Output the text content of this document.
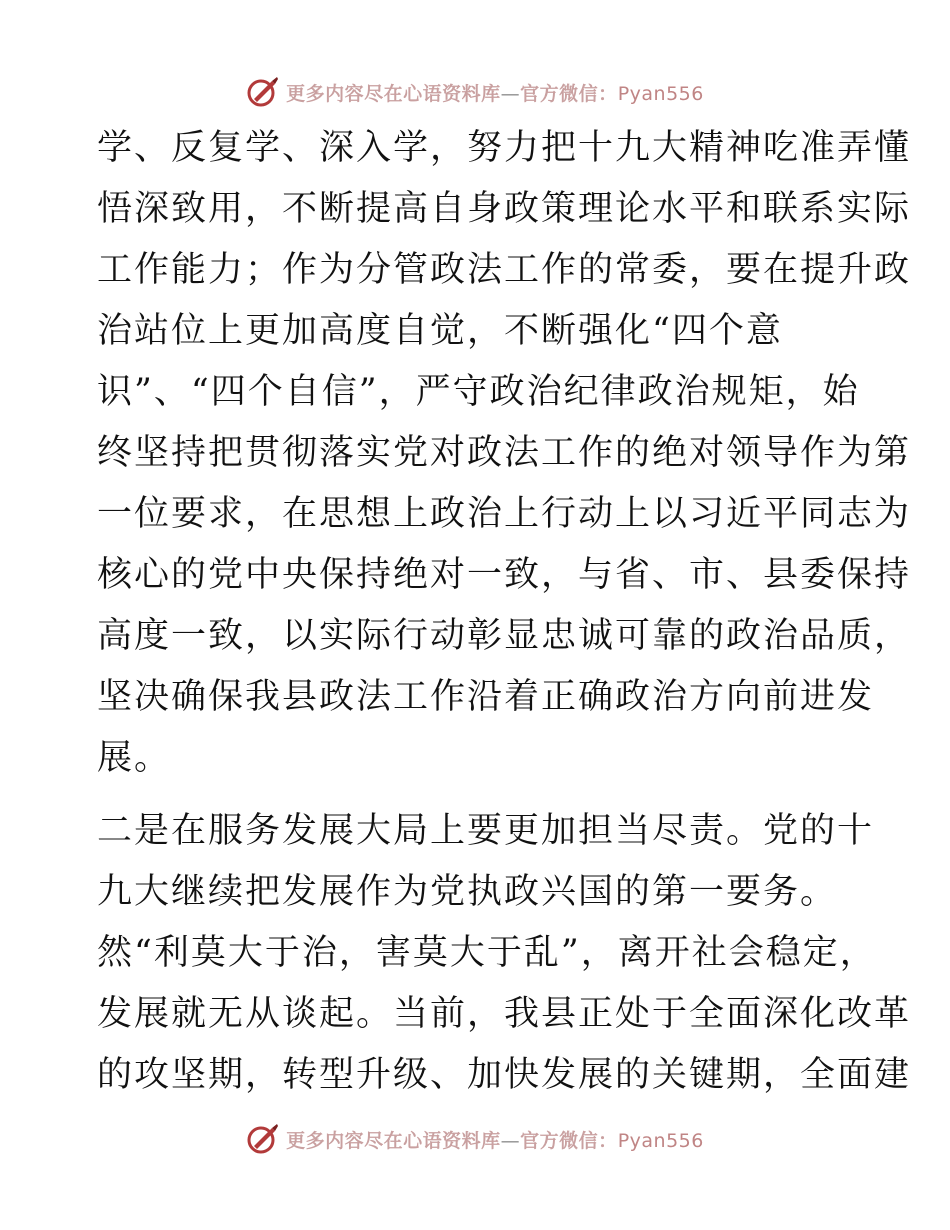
更多内容尽在心语资料库—官方微信：Pyan556
学、反复学、深入学，努力把十九大精神吃准弄懂
悟深致用，不断提高自身政策理论水平和联系实际
工作能力；作为分管政法工作的常委，要在提升政
治站位上更加高度自觉，不断强化“四个意
识”、“四个自信”，严守政治纪律政治规矩，始
终坚持把贯彻落实党对政法工作的绝对领导作为第
一位要求，在思想上政治上行动上以习近平同志为
核心的党中央保持绝对一致，与省、市、县委保持
高度一致，以实际行动彰显忠诚可靠的政治品质，
坚决确保我县政法工作沿着正确政治方向前进发
展。
二是在服务发展大局上要更加担当尽责。党的十
九大继续把发展作为党执政兴国的第一要务。
然“利莫大于治，害莫大于乱”，离开社会稳定，
发展就无从谈起。当前，我县正处于全面深化改革
的攻坚期，转型升级、加快发展的关键期，全面建
更多内容尽在心语资料库—官方微信：Pyan556
